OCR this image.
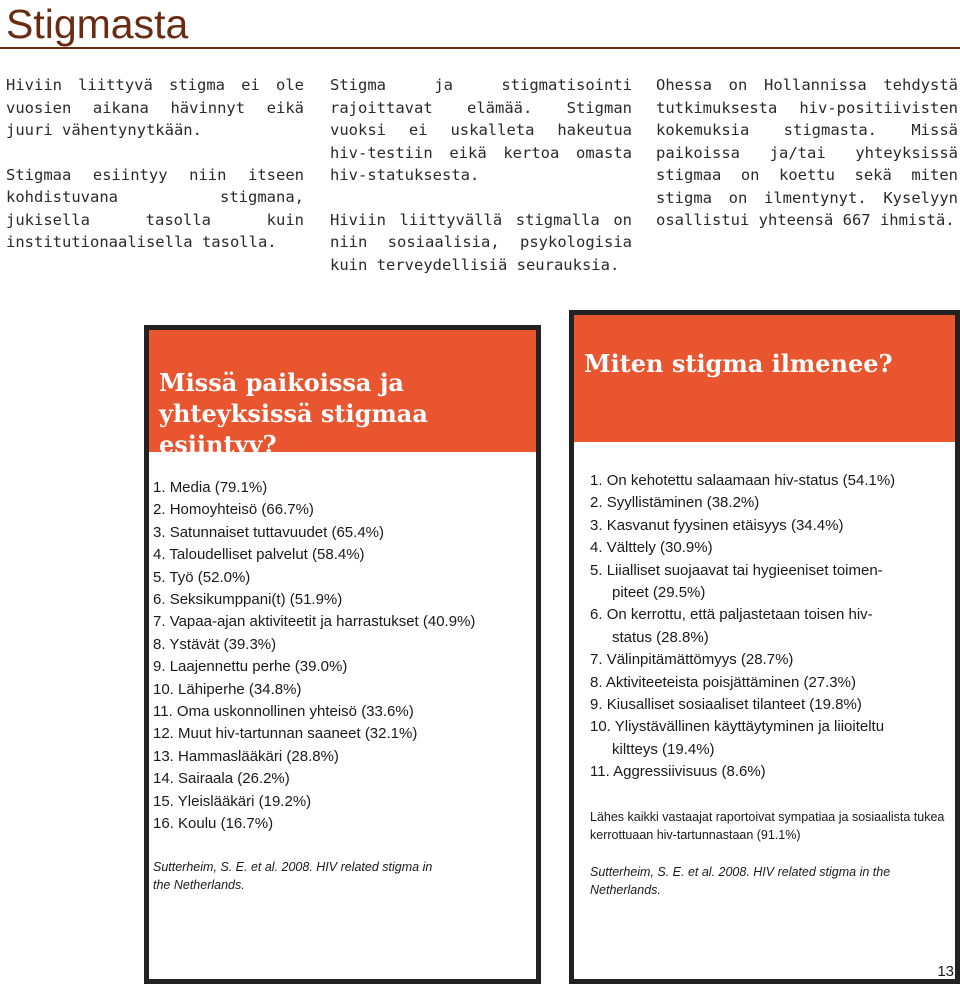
Stigmasta

Hiviin liittyvä stigma ei ole vuosien aikana hävinnyt eikä juuri vähentynytkään.

Stigmaa esiintyy niin itseen kohdistuvana stigmana, jukisella tasolla kuin institutionaalisella tasolla.

Stigma ja stigmatisointi rajoittavat elämää. Stigman vuoksi ei uskalleta hakeutua hiv-testiin eikä kertoa omasta hiv-statuksesta.

Hiviin liittyvällä stigmalla on niin sosiaalisia, psykologisia kuin terveydellisiä seurauksia.

Ohessa on Hollannissa tehdystä tutkimuksesta hiv-positiivisten kokemuksia stigmasta. Missä paikoissa ja/tai yhteyksissä stigmaa on koettu sekä miten stigma on ilmentynyt. Kyselyyn osallistui yhteensä 667 ihmistä.

Missä paikoissa ja yhteyksissä stigmaa esiintyy?
1. Media (79.1%)
2. Homoyhteisö (66.7%)
3. Satunnaiset tuttavuudet (65.4%)
4. Taloudelliset palvelut (58.4%)
5. Työ (52.0%)
6. Seksikumppani(t) (51.9%)
7. Vapaa-ajan aktiviteetit ja harrastukset (40.9%)
8. Ystävät (39.3%)
9. Laajennettu perhe (39.0%)
10. Lähiperhe (34.8%)
11. Oma uskonnollinen yhteisö (33.6%)
12. Muut hiv-tartunnan saaneet (32.1%)
13. Hammaslääkäri (28.8%)
14. Sairaala (26.2%)
15. Yleislääkäri (19.2%)
16. Koulu (16.7%)
Sutterheim, S. E. et al. 2008. HIV related stigma in the Netherlands.
Miten stigma ilmenee?
1. On kehotettu salaamaan hiv-status (54.1%)
2. Syyllistäminen (38.2%)
3. Kasvanut fyysinen etäisyys (34.4%)
4. Välttely (30.9%)
5. Liialliset suojaavat tai hygieeniset toimen-
piteet (29.5%)
6. On kerrottu, että paljastetaan toisen hiv-
status (28.8%)
7. Välinpitämättömyys (28.7%)
8. Aktiviteeteista poisjättäminen (27.3%)
9. Kiusalliset sosiaaliset tilanteet (19.8%)
10. Yliystävällinen käyttäytyminen ja liioiteltu
kiltteys (19.4%)
11. Aggressiivisuus (8.6%)
Lähes kaikki vastaajat raportoivat sympatiaa ja sosiaalista tukea kerrottuaan hiv-tartunnastaan (91.1%)
Sutterheim, S. E. et al. 2008. HIV related stigma in the Netherlands.
13
